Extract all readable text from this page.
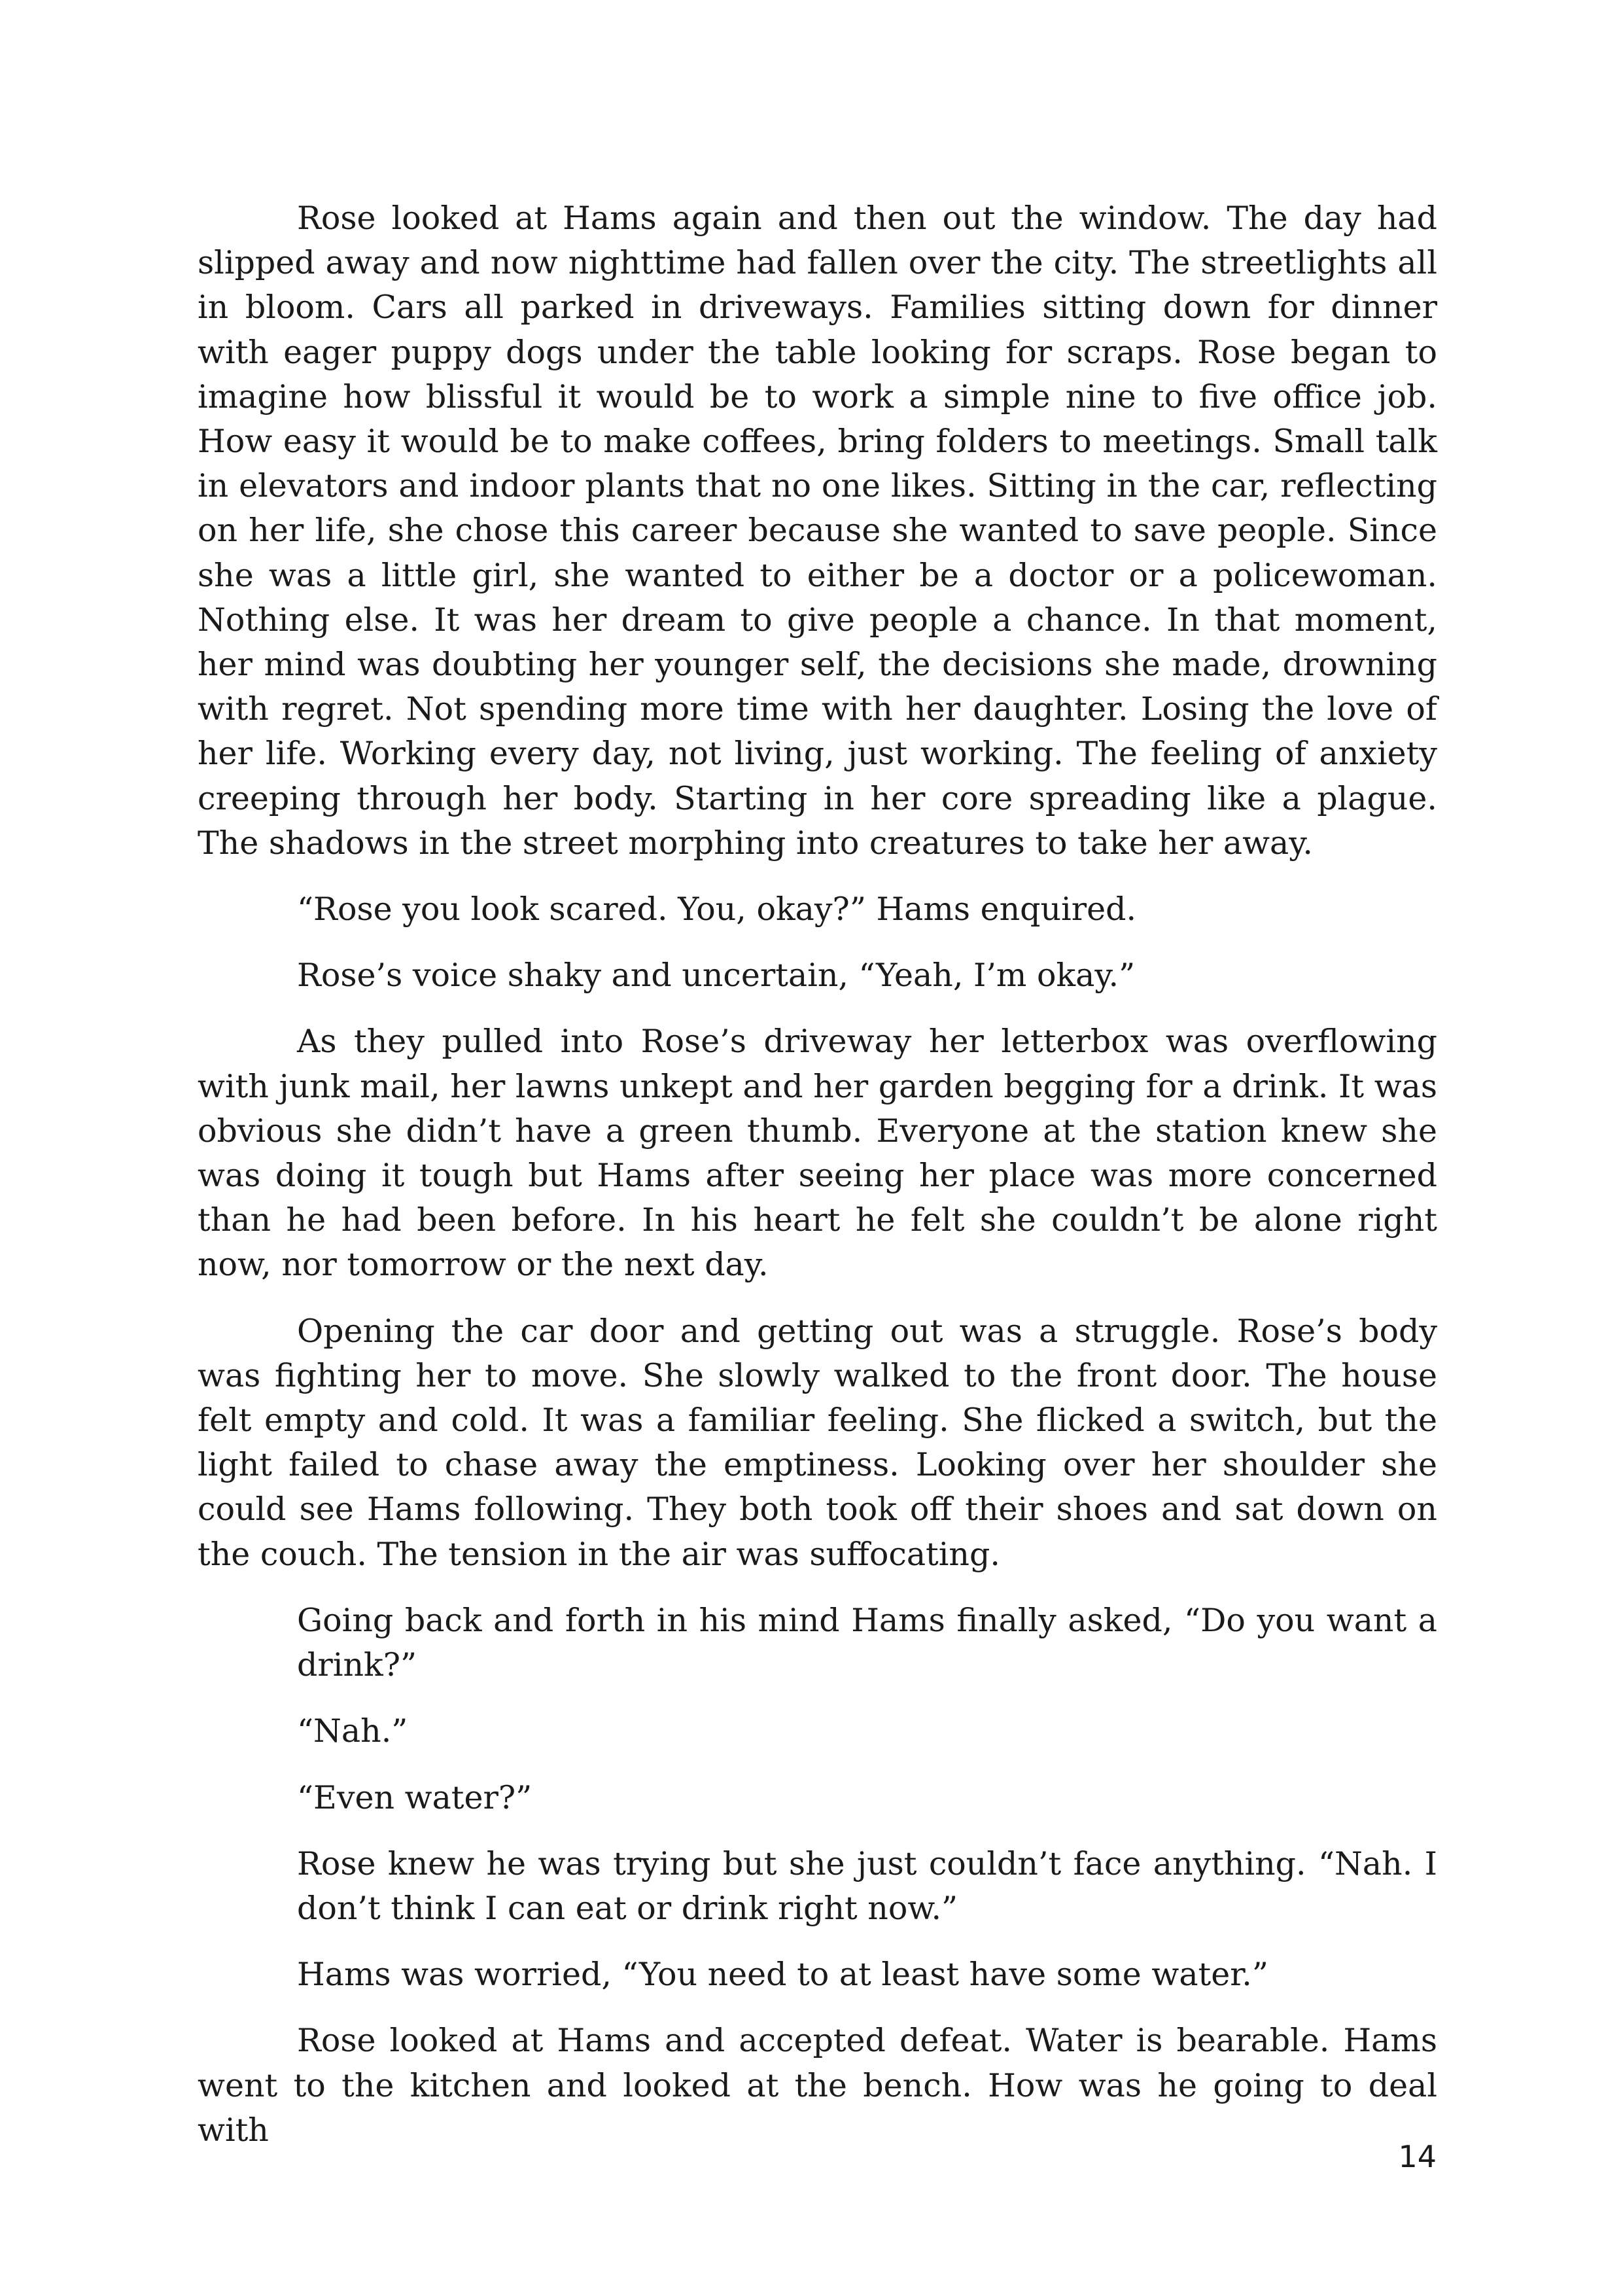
Rose looked at Hams again and then out the window. The day had slipped away and now nighttime had fallen over the city. The streetlights all in bloom. Cars all parked in driveways. Families sitting down for dinner with eager puppy dogs under the table looking for scraps. Rose began to imagine how blissful it would be to work a simple nine to five office job. How easy it would be to make coffees, bring folders to meetings. Small talk in elevators and indoor plants that no one likes. Sitting in the car, reflecting on her life, she chose this career because she wanted to save people. Since she was a little girl, she wanted to either be a doctor or a policewoman. Nothing else. It was her dream to give people a chance. In that moment, her mind was doubting her younger self, the decisions she made, drowning with regret. Not spending more time with her daughter. Losing the love of her life. Working every day, not living, just working. The feeling of anxiety creeping through her body. Starting in her core spreading like a plague. The shadows in the street morphing into creatures to take her away.

“Rose you look scared. You, okay?” Hams enquired.

Rose’s voice shaky and uncertain, “Yeah, I’m okay.”

As they pulled into Rose’s driveway her letterbox was overflowing with junk mail, her lawns unkept and her garden begging for a drink. It was obvious she didn’t have a green thumb. Everyone at the station knew she was doing it tough but Hams after seeing her place was more concerned than he had been before. In his heart he felt she couldn’t be alone right now, nor tomorrow or the next day.

Opening the car door and getting out was a struggle. Rose’s body was fighting her to move. She slowly walked to the front door. The house felt empty and cold. It was a familiar feeling. She flicked a switch, but the light failed to chase away the emptiness. Looking over her shoulder she could see Hams following. They both took off their shoes and sat down on the couch. The tension in the air was suffocating.

Going back and forth in his mind Hams finally asked, “Do you want a drink?”

“Nah.”

“Even water?”

Rose knew he was trying but she just couldn’t face anything. “Nah. I don’t think I can eat or drink right now.”

Hams was worried, “You need to at least have some water.”

Rose looked at Hams and accepted defeat. Water is bearable. Hams went to the kitchen and looked at the bench. How was he going to deal with

14
